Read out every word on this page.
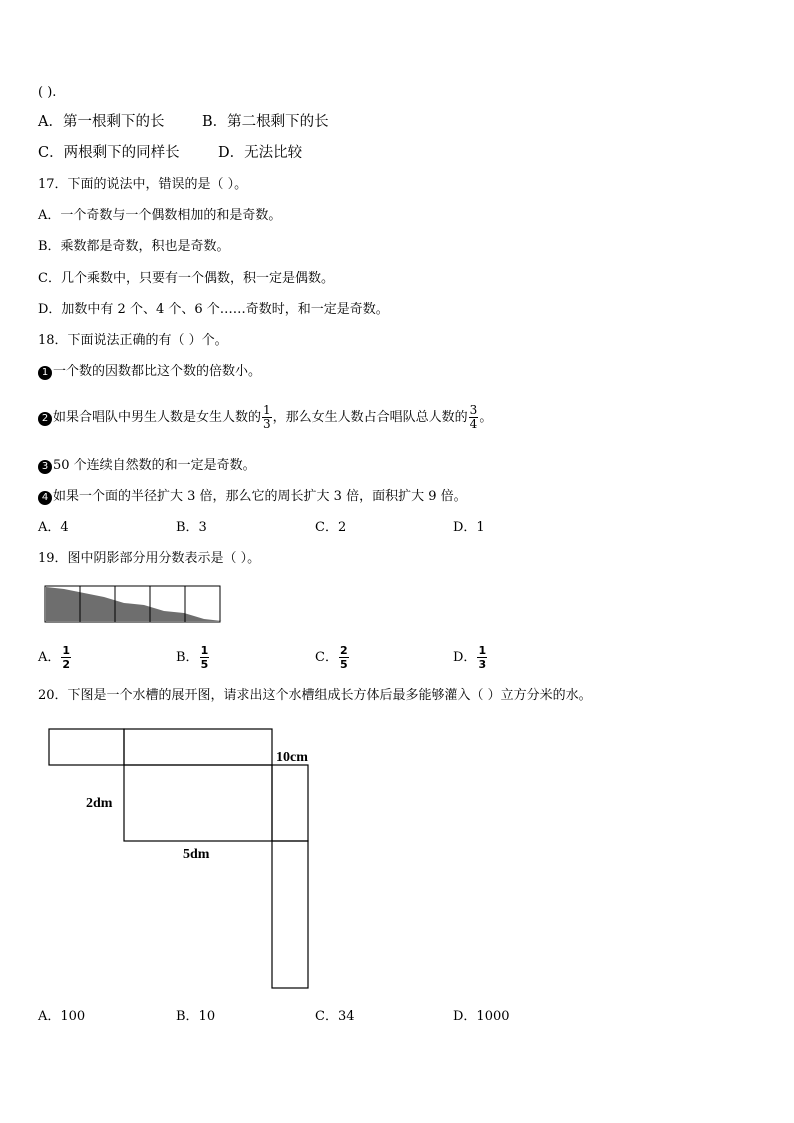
( ).
A．第一根剩下的长	B．第二根剩下的长
C．两根剩下的同样长	D．无法比较
17．下面的说法中，错误的是（ ）。
A．一个奇数与一个偶数相加的和是奇数。
B．乘数都是奇数，积也是奇数。
C．几个乘数中，只要有一个偶数，积一定是偶数。
D．加数中有 2 个、4 个、6 个……奇数时，和一定是奇数。
18．下面说法正确的有（ ）个。
1 一个数的因数都比这个数的倍数小。
2 如果合唱队中男生人数是女生人数的 $\frac{1}{3}$ ，那么女生人数占合唱队总人数的 $\frac{3}{4}$ 。
3 50 个连续自然数的和一定是奇数。
4 如果一个面的半径扩大 3 倍，那么它的周长扩大 3 倍，面积扩大 9 倍。
A．4	B．3	C．2	D．1
19．图中阴影部分用分数表示是（ ）。
A． $\frac{1}{2}$	B． $\frac{1}{5}$	C． $\frac{2}{5}$	D． $\frac{1}{3}$
20．下图是一个水槽的展开图，请求出这个水槽组成长方体后最多能够灌入（ ）立方分米的水。
10cm
2dm
5dm
A．100	B．10	C．34	D．1000
